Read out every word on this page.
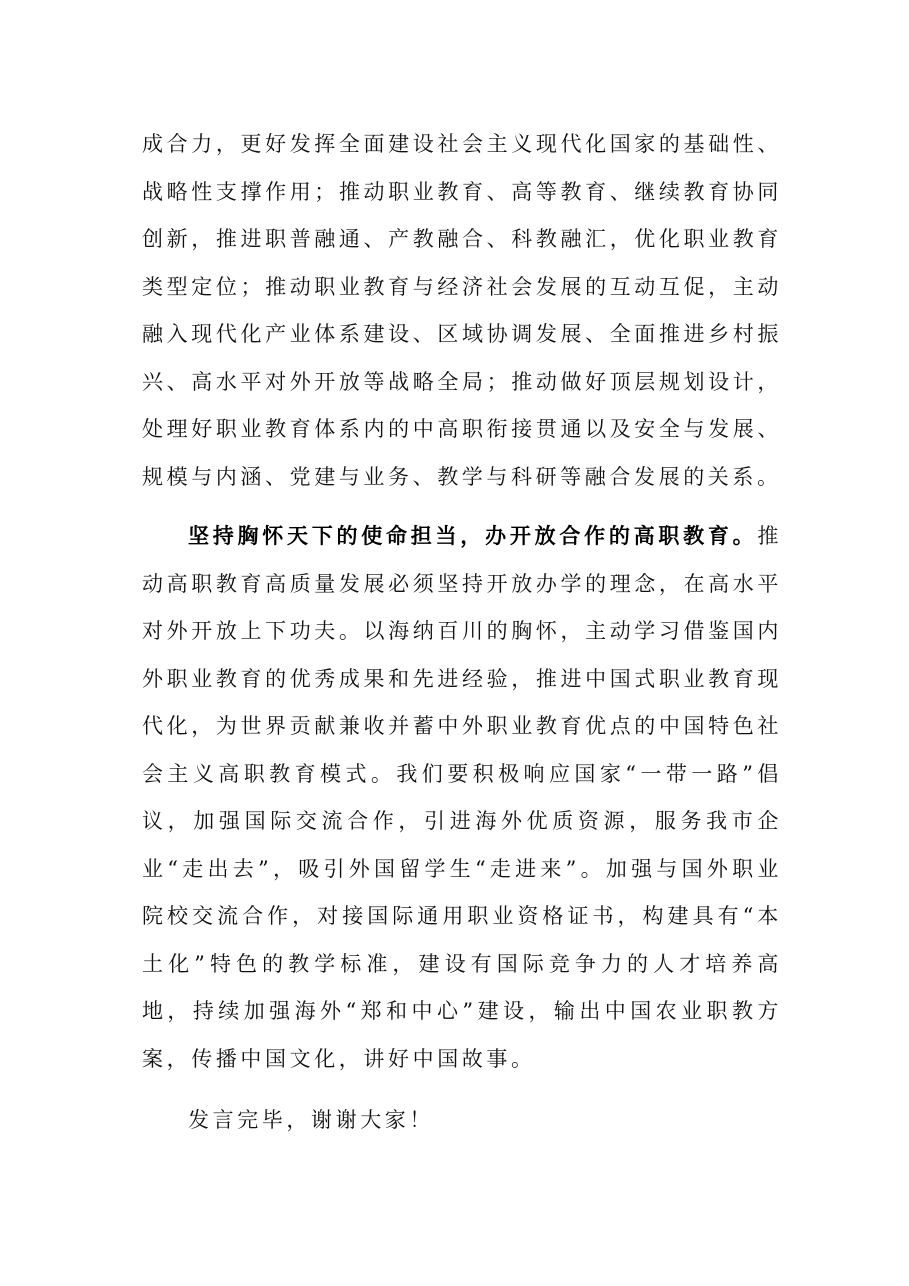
成合力，更好发挥全面建设社会主义现代化国家的基础性、战略性支撑作用；推动职业教育、高等教育、继续教育协同创新，推进职普融通、产教融合、科教融汇，优化职业教育类型定位；推动职业教育与经济社会发展的互动互促，主动融入现代化产业体系建设、区域协调发展、全面推进乡村振兴、高水平对外开放等战略全局；推动做好顶层规划设计，处理好职业教育体系内的中高职衔接贯通以及安全与发展、规模与内涵、党建与业务、教学与科研等融合发展的关系。

坚持胸怀天下的使命担当，办开放合作的高职教育。推动高职教育高质量发展必须坚持开放办学的理念，在高水平对外开放上下功夫。以海纳百川的胸怀，主动学习借鉴国内外职业教育的优秀成果和先进经验，推进中国式职业教育现代化，为世界贡献兼收并蓄中外职业教育优点的中国特色社会主义高职教育模式。我们要积极响应国家“一带一路”倡议，加强国际交流合作，引进海外优质资源，服务我市企业“走出去”，吸引外国留学生“走进来”。加强与国外职业院校交流合作，对接国际通用职业资格证书，构建具有“本土化”特色的教学标准，建设有国际竞争力的人才培养高地，持续加强海外“郑和中心”建设，输出中国农业职教方案，传播中国文化，讲好中国故事。

发言完毕，谢谢大家！
